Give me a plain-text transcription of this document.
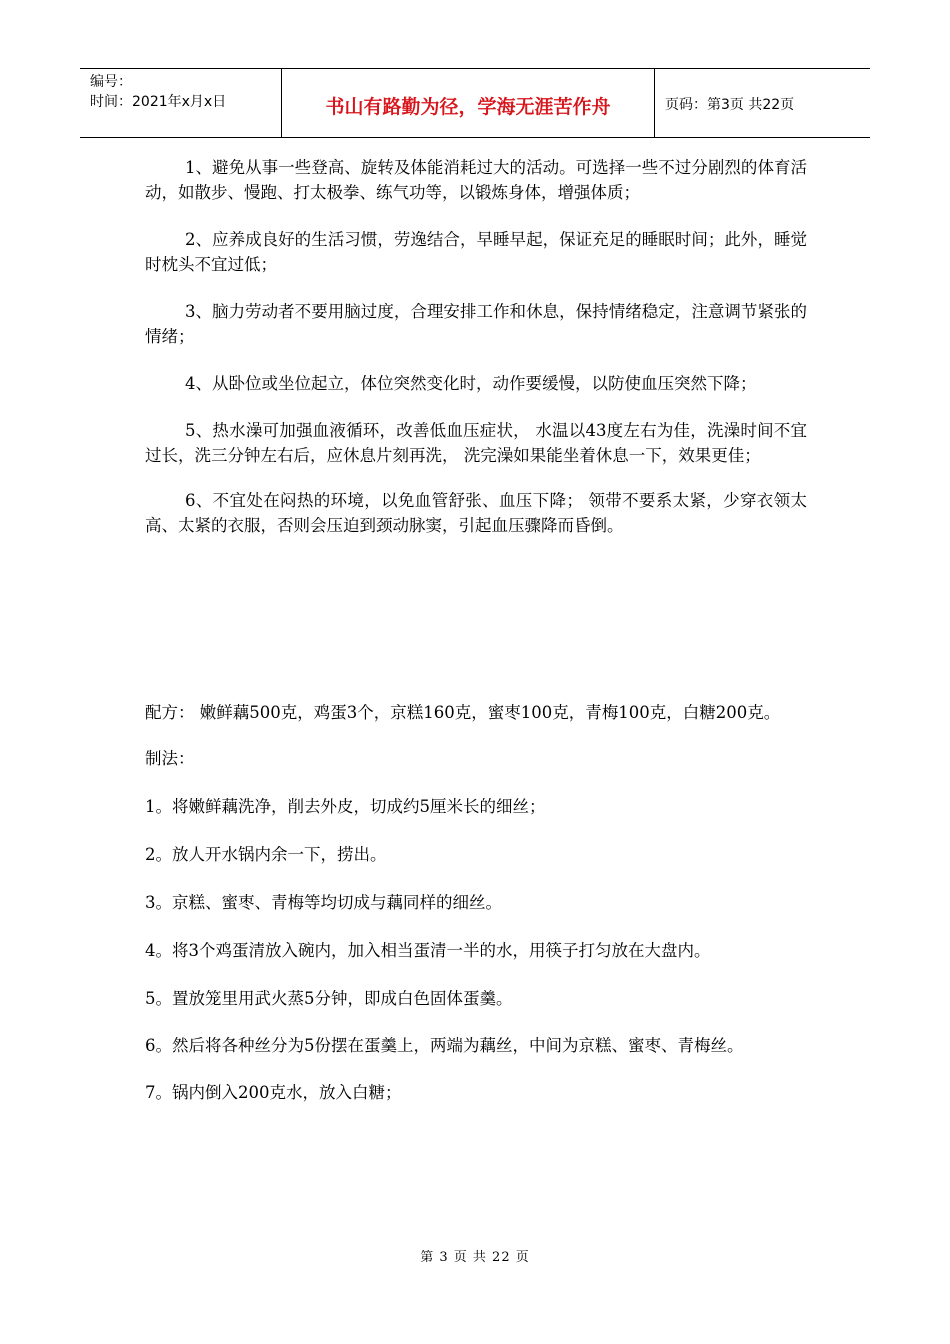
编号：
时间：2021年x月x日	书山有路勤为径，学海无涯苦作舟	页码：第3页 共22页

1、避免从事一些登高、旋转及体能消耗过大的活动。可选择一些不过分剧烈的体育活动，如散步、慢跑、打太极拳、练气功等，以锻炼身体，增强体质；

2、应养成良好的生活习惯，劳逸结合，早睡早起，保证充足的睡眠时间；此外，睡觉时枕头不宜过低；

3、脑力劳动者不要用脑过度，合理安排工作和休息，保持情绪稳定，注意调节紧张的情绪；

4、从卧位或坐位起立，体位突然变化时，动作要缓慢，以防使血压突然下降；

5、热水澡可加强血液循环，改善低血压症状， 水温以43度左右为佳，洗澡时间不宜过长，洗三分钟左右后，应休息片刻再洗， 洗完澡如果能坐着休息一下，效果更佳；

6、不宜处在闷热的环境，以免血管舒张、血压下降； 领带不要系太紧，少穿衣领太高、太紧的衣服，否则会压迫到颈动脉窦，引起血压骤降而昏倒。

配方： 嫩鲜藕500克，鸡蛋3个，京糕160克，蜜枣100克，青梅100克，白糖200克。

制法：

1。将嫩鲜藕洗净，削去外皮，切成约5厘米长的细丝；

2。放人开水锅内余一下，捞出。

3。京糕、蜜枣、青梅等均切成与藕同样的细丝。

4。将3个鸡蛋清放入碗内，加入相当蛋清一半的水，用筷子打匀放在大盘内。

5。置放笼里用武火蒸5分钟，即成白色固体蛋羹。

6。然后将各种丝分为5份摆在蛋羹上，两端为藕丝，中间为京糕、蜜枣、青梅丝。

7。锅内倒入200克水，放入白糖；

第 3 页 共 22 页
